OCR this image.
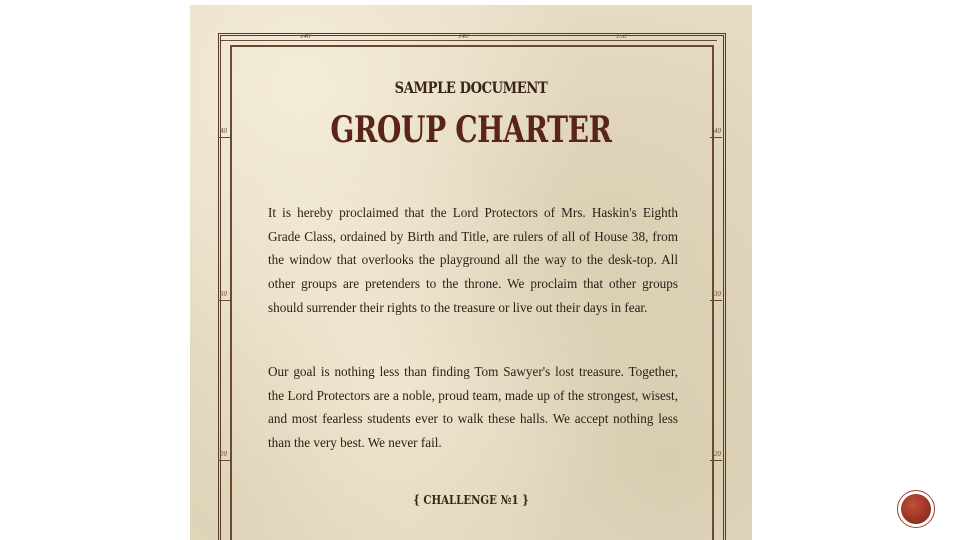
140	140	150
40
30
20
40
30
20
SAMPLE DOCUMENT
GROUP CHARTER

It is hereby proclaimed that the Lord Protectors of Mrs. Haskin's Eighth Grade Class, ordained by Birth and Title, are rulers of all of House 38, from the window that overlooks the playground all the way to the desk-top. All other groups are pretenders to the throne. We proclaim that other groups should surrender their rights to the treasure or live out their days in fear.

Our goal is nothing less than finding Tom Sawyer's lost treasure. Together, the Lord Protectors are a noble, proud team, made up of the strongest, wisest, and most fearless students ever to walk these halls. We accept nothing less than the very best. We never fail.

{ CHALLENGE №1 }
